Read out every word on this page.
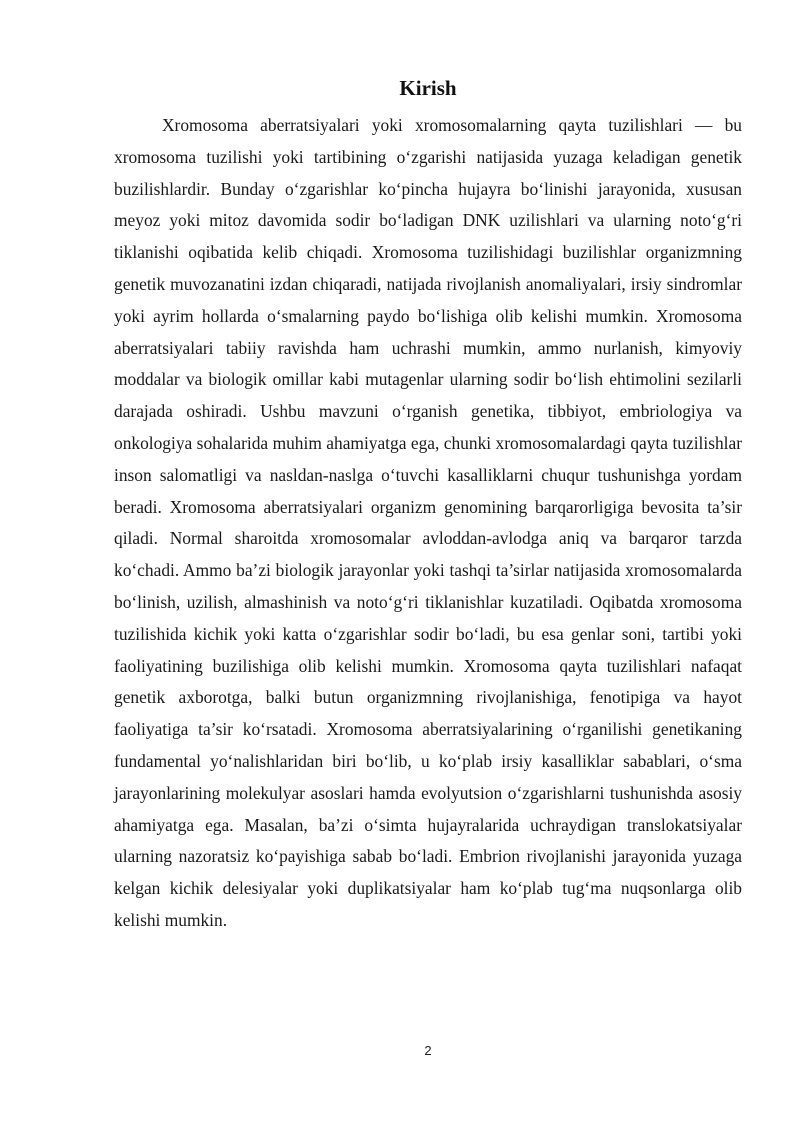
Kirish

Xromosoma aberratsiyalari yoki xromosomalarning qayta tuzilishlari — bu xromosoma tuzilishi yoki tartibining o‘zgarishi natijasida yuzaga keladigan genetik buzilishlardir. Bunday o‘zgarishlar ko‘pincha hujayra bo‘linishi jarayonida, xususan meyoz yoki mitoz davomida sodir bo‘ladigan DNK uzilishlari va ularning noto‘g‘ri tiklanishi oqibatida kelib chiqadi. Xromosoma tuzilishidagi buzilishlar organizmning genetik muvozanatini izdan chiqaradi, natijada rivojlanish anomaliyalari, irsiy sindromlar yoki ayrim hollarda o‘smalarning paydo bo‘lishiga olib kelishi mumkin. Xromosoma aberratsiyalari tabiiy ravishda ham uchrashi mumkin, ammo nurlanish, kimyoviy moddalar va biologik omillar kabi mutagenlar ularning sodir bo‘lish ehtimolini sezilarli darajada oshiradi. Ushbu mavzuni o‘rganish genetika, tibbiyot, embriologiya va onkologiya sohalarida muhim ahamiyatga ega, chunki xromosomalardagi qayta tuzilishlar inson salomatligi va nasldan-naslga o‘tuvchi kasalliklarni chuqur tushunishga yordam beradi. Xromosoma aberratsiyalari organizm genomining barqarorligiga bevosita ta’sir qiladi. Normal sharoitda xromosomalar avloddan-avlodga aniq va barqaror tarzda ko‘chadi. Ammo ba’zi biologik jarayonlar yoki tashqi ta’sirlar natijasida xromosomalarda bo‘linish, uzilish, almashinish va noto‘g‘ri tiklanishlar kuzatiladi. Oqibatda xromosoma tuzilishida kichik yoki katta o‘zgarishlar sodir bo‘ladi, bu esa genlar soni, tartibi yoki faoliyatining buzilishiga olib kelishi mumkin. Xromosoma qayta tuzilishlari nafaqat genetik axborotga, balki butun organizmning rivojlanishiga, fenotipiga va hayot faoliyatiga ta’sir ko‘rsatadi. Xromosoma aberratsiyalarining o‘rganilishi genetikaning fundamental yo‘nalishlaridan biri bo‘lib, u ko‘plab irsiy kasalliklar sabablari, o‘sma jarayonlarining molekulyar asoslari hamda evolyutsion o‘zgarishlarni tushunishda asosiy ahamiyatga ega. Masalan, ba’zi o‘simta hujayralarida uchraydigan translokatsiyalar ularning nazoratsiz ko‘payishiga sabab bo‘ladi. Embrion rivojlanishi jarayonida yuzaga kelgan kichik delesiyalar yoki duplikatsiyalar ham ko‘plab tug‘ma nuqsonlarga olib kelishi mumkin.

2
